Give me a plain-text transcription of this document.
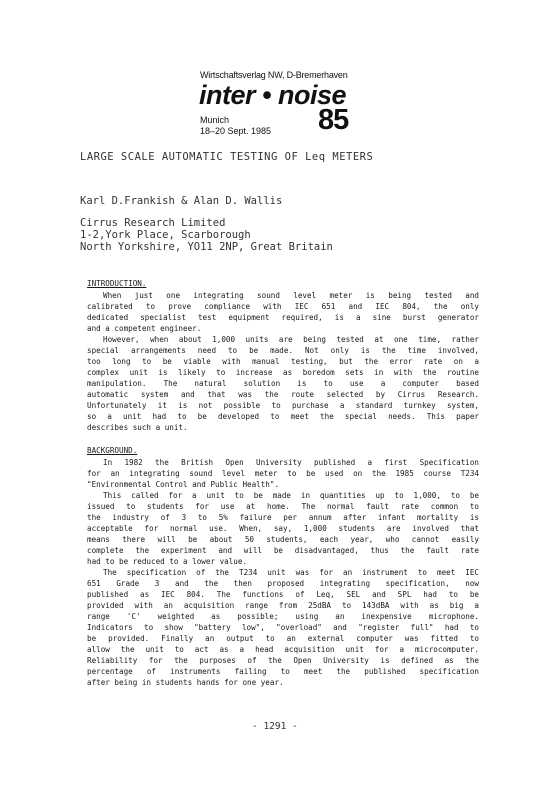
Wirtschaftsverlag NW, D-Bremerhaven
inter • noise
Munich
18–20 Sept. 1985 85
LARGE SCALE AUTOMATIC TESTING OF Leq METERS
Karl D.Frankish & Alan D. Wallis
Cirrus Research Limited
1-2,York Place, Scarborough
North Yorkshire, YO11 2NP, Great Britain
INTRODUCTION.
When just one integrating sound level meter is being tested and
calibrated to prove compliance with IEC 651 and IEC 804, the only
dedicated specialist test equipment required, is a sine burst generator
and a competent engineer.
However, when about 1,000 units are being tested at one time, rather
special arrangements need to be made. Not only is the time involved,
too long to be viable with manual testing, but the error rate on a
complex unit is likely to increase as boredom sets in with the routine
manipulation. The natural solution is to use a computer based
automatic system and that was the route selected by Cirrus Research.
Unfortunately it is not possible to purchase a standard turnkey system,
so a unit had to be developed to meet the special needs. This paper
describes such a unit.
BACKGROUND.
In 1982 the British Open University published a first Specification
for an integrating sound level meter to be used on the 1985 course T234
"Environmental Control and Public Health".
This called for a unit to be made in quantities up to 1,000, to be
issued to students for use at home. The normal fault rate common to
the industry of 3 to 5% failure per annum after infant mortality is
acceptable for normal use. When, say, 1,000 students are involved that
means there will be about 50 students, each year, who cannot easily
complete the experiment and will be disadvantaged, thus the fault rate
had to be reduced to a lower value.
The specification of the T234 unit was for an instrument to meet IEC
651 Grade 3 and the then proposed integrating specification, now
published as IEC 804. The functions of Leq, SEL and SPL had to be
provided with an acquisition range from 25dBA to 143dBA with as big a
range 'C' weighted as possible; using an inexpensive microphone.
Indicators to show "battery low", "overload" and "register full" had to
be provided. Finally an output to an external computer was fitted to
allow the unit to act as a head acquisition unit for a microcomputer.
Reliability for the purposes of the Open University is defined as the
percentage of instruments failing to meet the published specification
after being in students hands for one year.
- 1291 -
